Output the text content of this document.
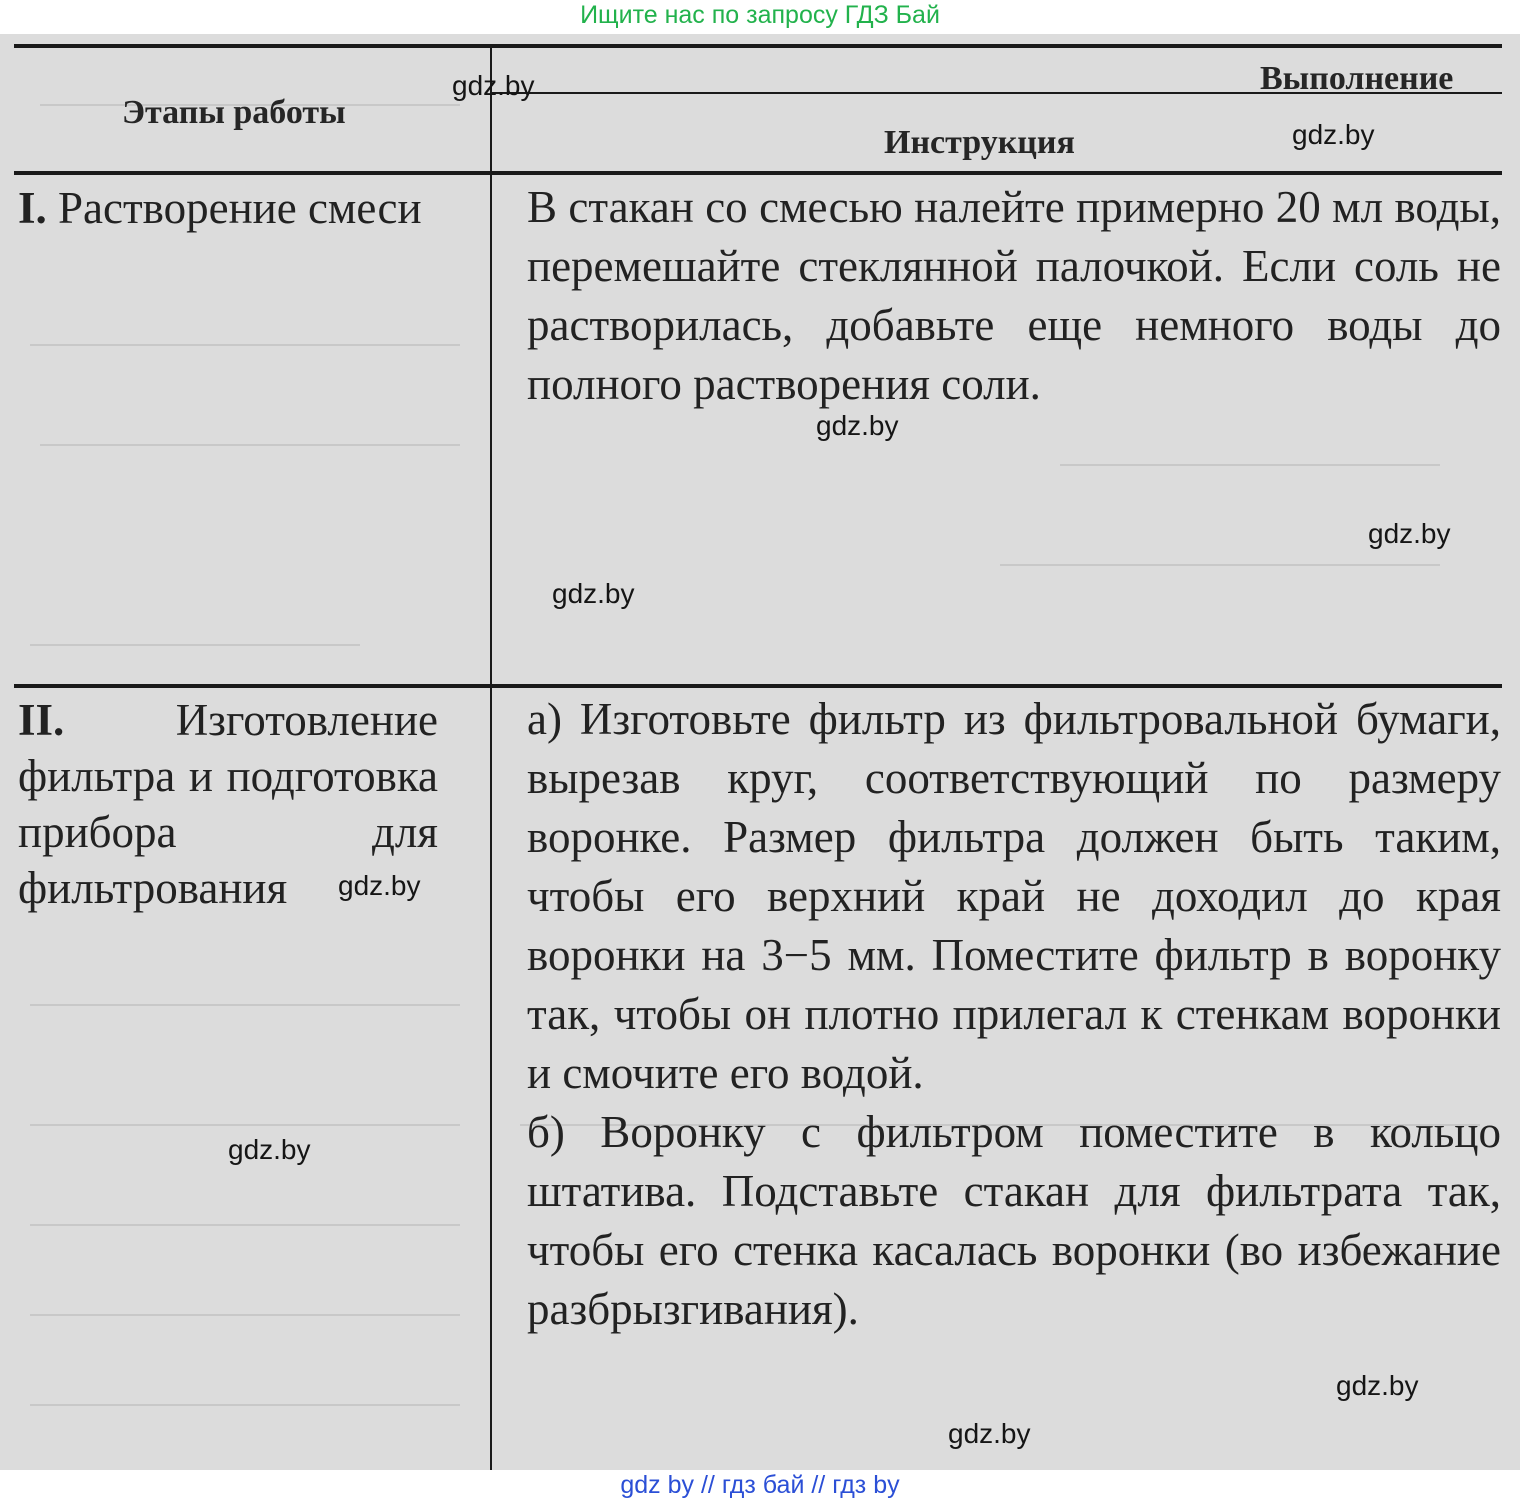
Ищите нас по запросу ГДЗ Бай
Этапы работы
Выполнение
Инструкция
I. Растворение смеси	В стакан со смесью налейте примерно 20 мл воды, перемешайте стеклянной палочкой. Если соль не растворилась, добавьте еще немного воды до полного растворения соли.

II. Изготовление фильтра и подготовка прибора для фильтрования

а) Изготовьте фильтр из фильтровальной бумаги, вырезав круг, соответствующий по размеру воронке. Размер фильтра должен быть таким, чтобы его верхний край не доходил до края воронки на 3−5 мм. Поместите фильтр в воронку так, чтобы он плотно прилегал к стенкам воронки и смочите его водой.

б) Воронку с фильтром поместите в кольцо штатива. Подставьте стакан для фильтрата так, чтобы его стенка касалась воронки (во избежание разбрызгивания).

gdz.by
gdz.by
gdz.by
gdz.by
gdz.by
gdz.by
gdz.by
gdz.by
gdz.by
gdz by // гдз бай // гдз by
